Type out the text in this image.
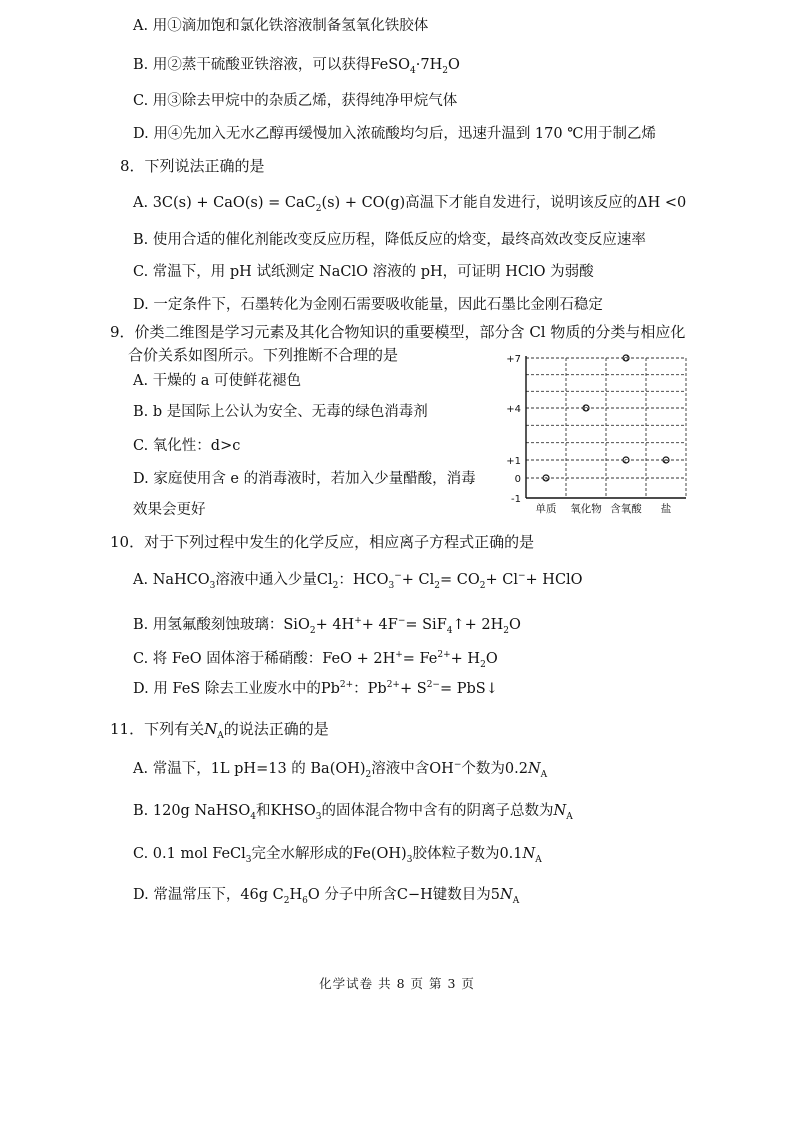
A. 用①滴加饱和氯化铁溶液制备氢氧化铁胶体
B. 用②蒸干硫酸亚铁溶液，可以获得$FeSO_4\cdot 7H_2O$
C. 用③除去甲烷中的杂质乙烯，获得纯净甲烷气体
D. 用④先加入无水乙醇再缓慢加入浓硫酸均匀后，迅速升温到 170 ℃用于制乙烯
8．下列说法正确的是
A. 3C(s) + CaO(s) = CaC$_2$(s) + CO(g)高温下才能自发进行，说明该反应的ΔH <0
B. 使用合适的催化剂能改变反应历程，降低反应的焓变，最终高效改变反应速率
C. 常温下，用 pH 试纸测定 NaClO 溶液的 pH，可证明 HClO 为弱酸
D. 一定条件下，石墨转化为金刚石需要吸收能量，因此石墨比金刚石稳定
9．价类二维图是学习元素及其化合物知识的重要模型，部分含 Cl 物质的分类与相应化
合价关系如图所示。下列推断不合理的是
A. 干燥的 a 可使鲜花褪色
B. b 是国际上公认为安全、无毒的绿色消毒剂
C. 氧化性：d>c
D. 家庭使用含 e 的消毒液时，若加入少量醋酸，消毒
效果会更好
+7
+4
+1
0
-1
单质 氧化物 含氧酸 盐
a
b
c
d
e
10．对于下列过程中发生的化学反应，相应离子方程式正确的是
A. NaHCO$_3$溶液中通入少量$Cl_2$：$HCO_3^-+ Cl_2= CO_2+ Cl^-+$ HClO
B. 用氢氟酸刻蚀玻璃：SiO$_2$+ 4H++ 4F−= SiF$_4$↑+ $2H_2O$
C. 将 FeO 固体溶于稀硝酸：FeO + $2H^+= Fe^{2+}+ H_2O$
D. 用 FeS 除去工业废水中的$Pb^{2+}$：$Pb^{2+}+ S^{2-}=$ PbS↓
11．下列有关$N_A$的说法正确的是
A. 常温下，1L pH=13 的 $Ba(OH)_2$溶液中含OH−个数为$0.2N_A$
B. 120g NaHSO$_4$和$KHSO_3$的固体混合物中含有的阴离子总数为$N_A$
C. 0.1 mol FeCl$_3$完全水解形成的$Fe(OH)_3$胶体粒子数为$0.1N_A$
D. 常温常压下，46g $C_2H_6O$ 分子中所含C−H键数目为$5N_A$
化学试卷 共 8 页 第 3 页
